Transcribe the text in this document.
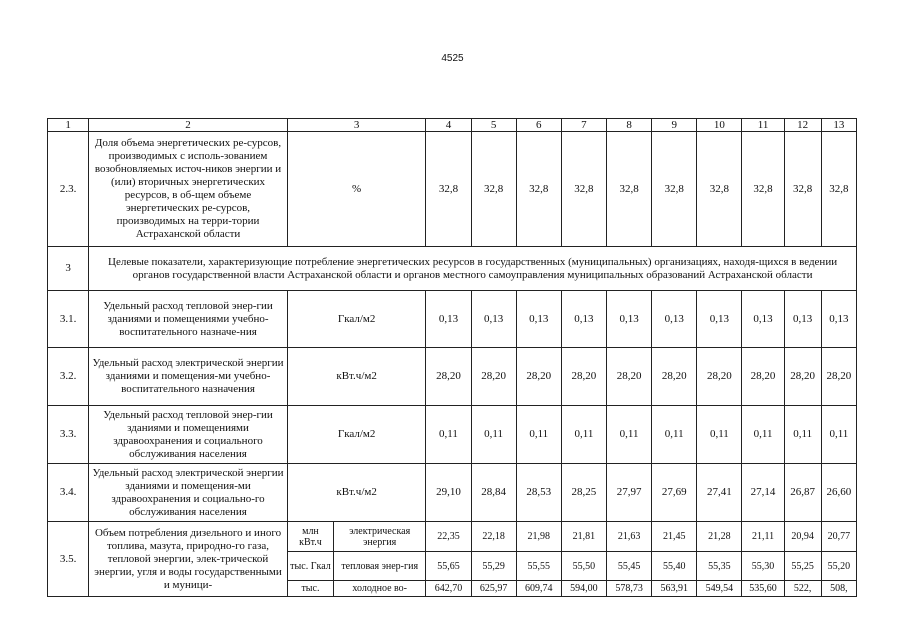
4525
1	2	3		4	5	6	7	8	9	10	11	12	13
2.3.	Доля объема энергетических ре-сурсов, производимых с исполь-зованием возобновляемых источ-ников энергии и (или) вторичных энергетических ресурсов, в об-щем объеме энергетических ре-сурсов, производимых на терри-тории Астраханской области	%		32,8	32,8	32,8	32,8	32,8	32,8	32,8	32,8	32,8	32,8
3	Целевые показатели, характеризующие потребление энергетических ресурсов в государственных (муниципальных) организациях, находя-щихся в ведении органов государственной власти Астраханской области и органов местного самоуправления муниципальных образований Астраханской области												
3.1.	Удельный расход тепловой энер-гии зданиями и помещениями учебно-воспитательного назначе-ния	Гкал/м2		0,13	0,13	0,13	0,13	0,13	0,13	0,13	0,13	0,13	0,13
3.2.	Удельный расход электрической энергии зданиями и помещения-ми учебно-воспитательного назначения	кВт.ч/м2		28,20	28,20	28,20	28,20	28,20	28,20	28,20	28,20	28,20	28,20
3.3.	Удельный расход тепловой энер-гии зданиями и помещениями здравоохранения и социального обслуживания населения	Гкал/м2		0,11	0,11	0,11	0,11	0,11	0,11	0,11	0,11	0,11	0,11
3.4.	Удельный расход электрической энергии зданиями и помещения-ми здравоохранения и социально-го обслуживания населения	кВт.ч/м2		29,10	28,84	28,53	28,25	27,97	27,69	27,41	27,14	26,87	26,60
3.5.	Объем потребления дизельного и иного топлива, мазута, природно-го газа, тепловой энергии, элек-трической энергии, угля и воды государственными и муници-	млн кВт.ч	электрическая энергия	22,35	22,18	21,98	21,81	21,63	21,45	21,28	21,11	20,94	20,77
		тыс. Гкал	тепловая энер-гия	55,65	55,29	55,55	55,50	55,45	55,40	55,35	55,30	55,25	55,20
		тыс.	холодное во-	642,70	625,97	609,74	594,00	578,73	563,91	549,54	535,60	522,	508,
